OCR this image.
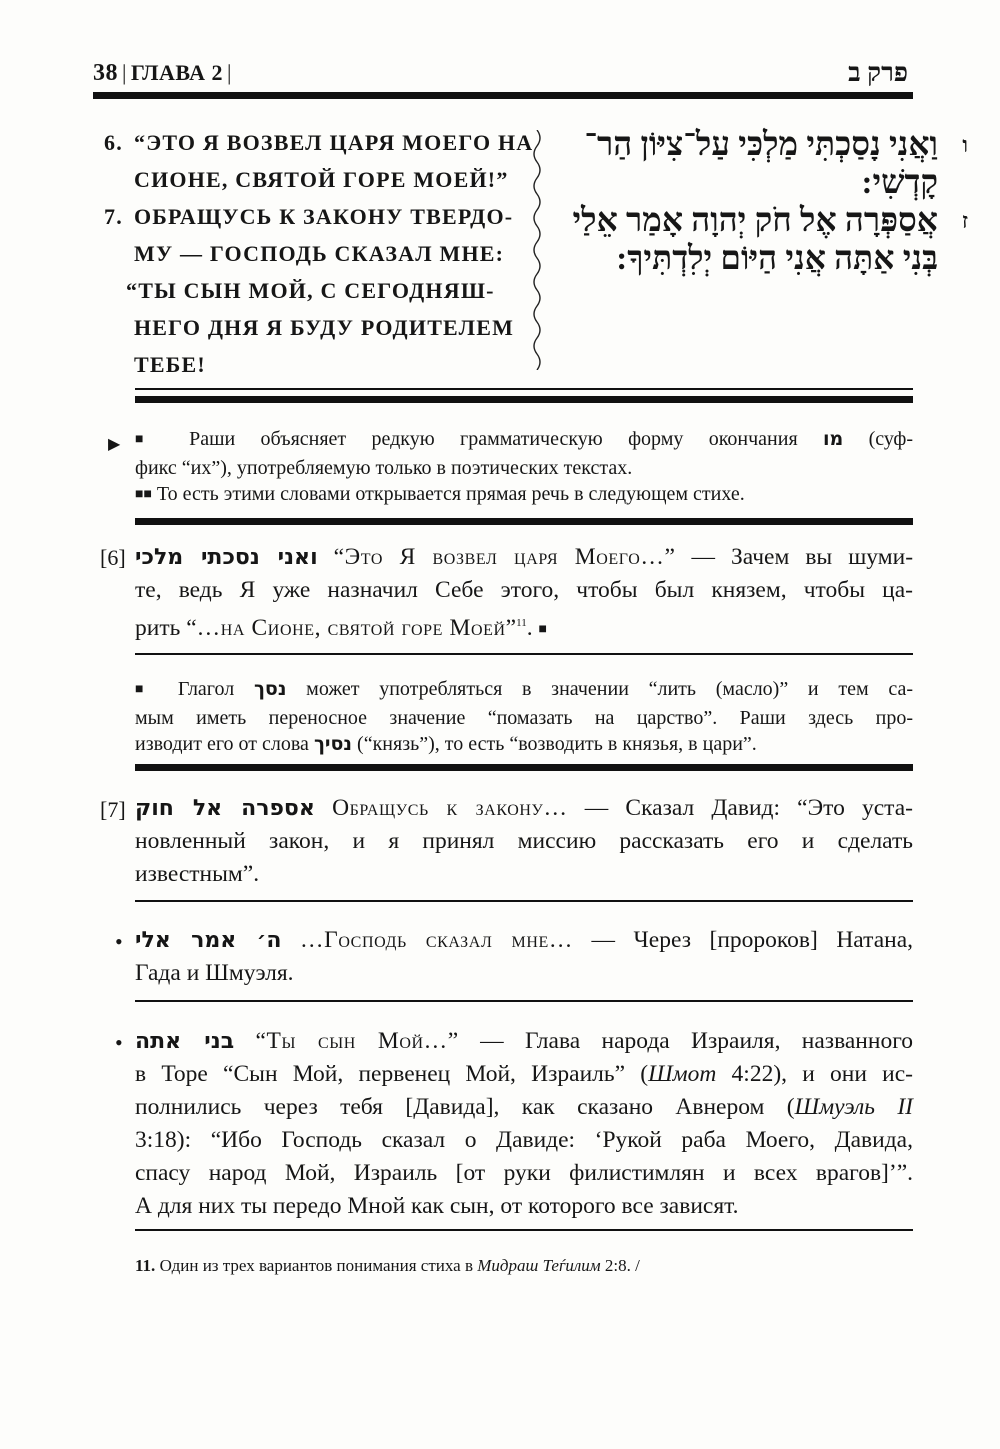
38 | ГЛАВА 2 |	פרק ב
6. “ЭТО Я ВОЗВЕЛ ЦАРЯ МОЕГО НА
СИОНЕ, СВЯТОЙ ГОРЕ МОЕЙ!”
7. ОБРАЩУСЬ К ЗАКОНУ ТВЕРДО-
МУ — ГОСПОДЬ СКАЗАЛ МНЕ:
“ТЫ СЫН МОЙ, С СЕГОДНЯШ-
НЕГО ДНЯ Я БУДУ РОДИТЕЛЕМ
ТЕБЕ!
ו
וַאֲנִי נָסַכְתִּי מַלְכִּי עַל־צִיּוֹן הַר־
קָדְשִׁי:
ז
אֲסַפְּרָה אֶל חֹק יְהוָה אָמַר אֵלַי
בְּנִי אַתָּה אֲנִי הַיּוֹם יְלִדְתִּיךָ:
▶ ■ Раши объясняет редкую грамматическую форму окончания מו (суф-
фикс “их”), употребляемую только в поэтических текстах.
■■ То есть этими словами открывается прямая речь в следующем стихе.
[6] ואני נסכתי מלכי “Это Я возвел царя Моего…” — Зачем вы шуми-
те, ведь Я уже назначил Себе этого, чтобы был князем, чтобы ца-
рить “…на Сионе, святой горе Моей”$^{11}$. ■
■ Глагол נסך может употребляться в значении “лить (масло)” и тем са-
мым иметь переносное значение “помазать на царство”. Раши здесь про-
изводит его от слова נסיך (“князь”), то есть “возводить в князья, в цари”.
[7] אספרה אל חוק Обращусь к закону… — Сказал Давид: “Это уста-
новленный закон, и я принял миссию рассказать его и сделать
известным”.
• ה׳ אמר אלי …Господь сказал мне… — Через [пророков] Натана,
Гада и Шмуэля.
• בני אתה “Ты сын Мой…” — Глава народа Израиля, названного
в Торе “Сын Мой, первенец Мой, Израиль” (Шмот 4:22), и они ис-
полнились через тебя [Давида], как сказано Авнером (Шмуэль II
3:18): “Ибо Господь сказал о Давиде: ‘Рукой раба Моего, Давида,
спасу народ Мой, Израиль [от руки филистимлян и всех врагов]’”.
А для них ты передо Мной как сын, от которого все зависят.
11. Один из трех вариантов понимания стиха в Мидраш Теѓилим 2:8. /
